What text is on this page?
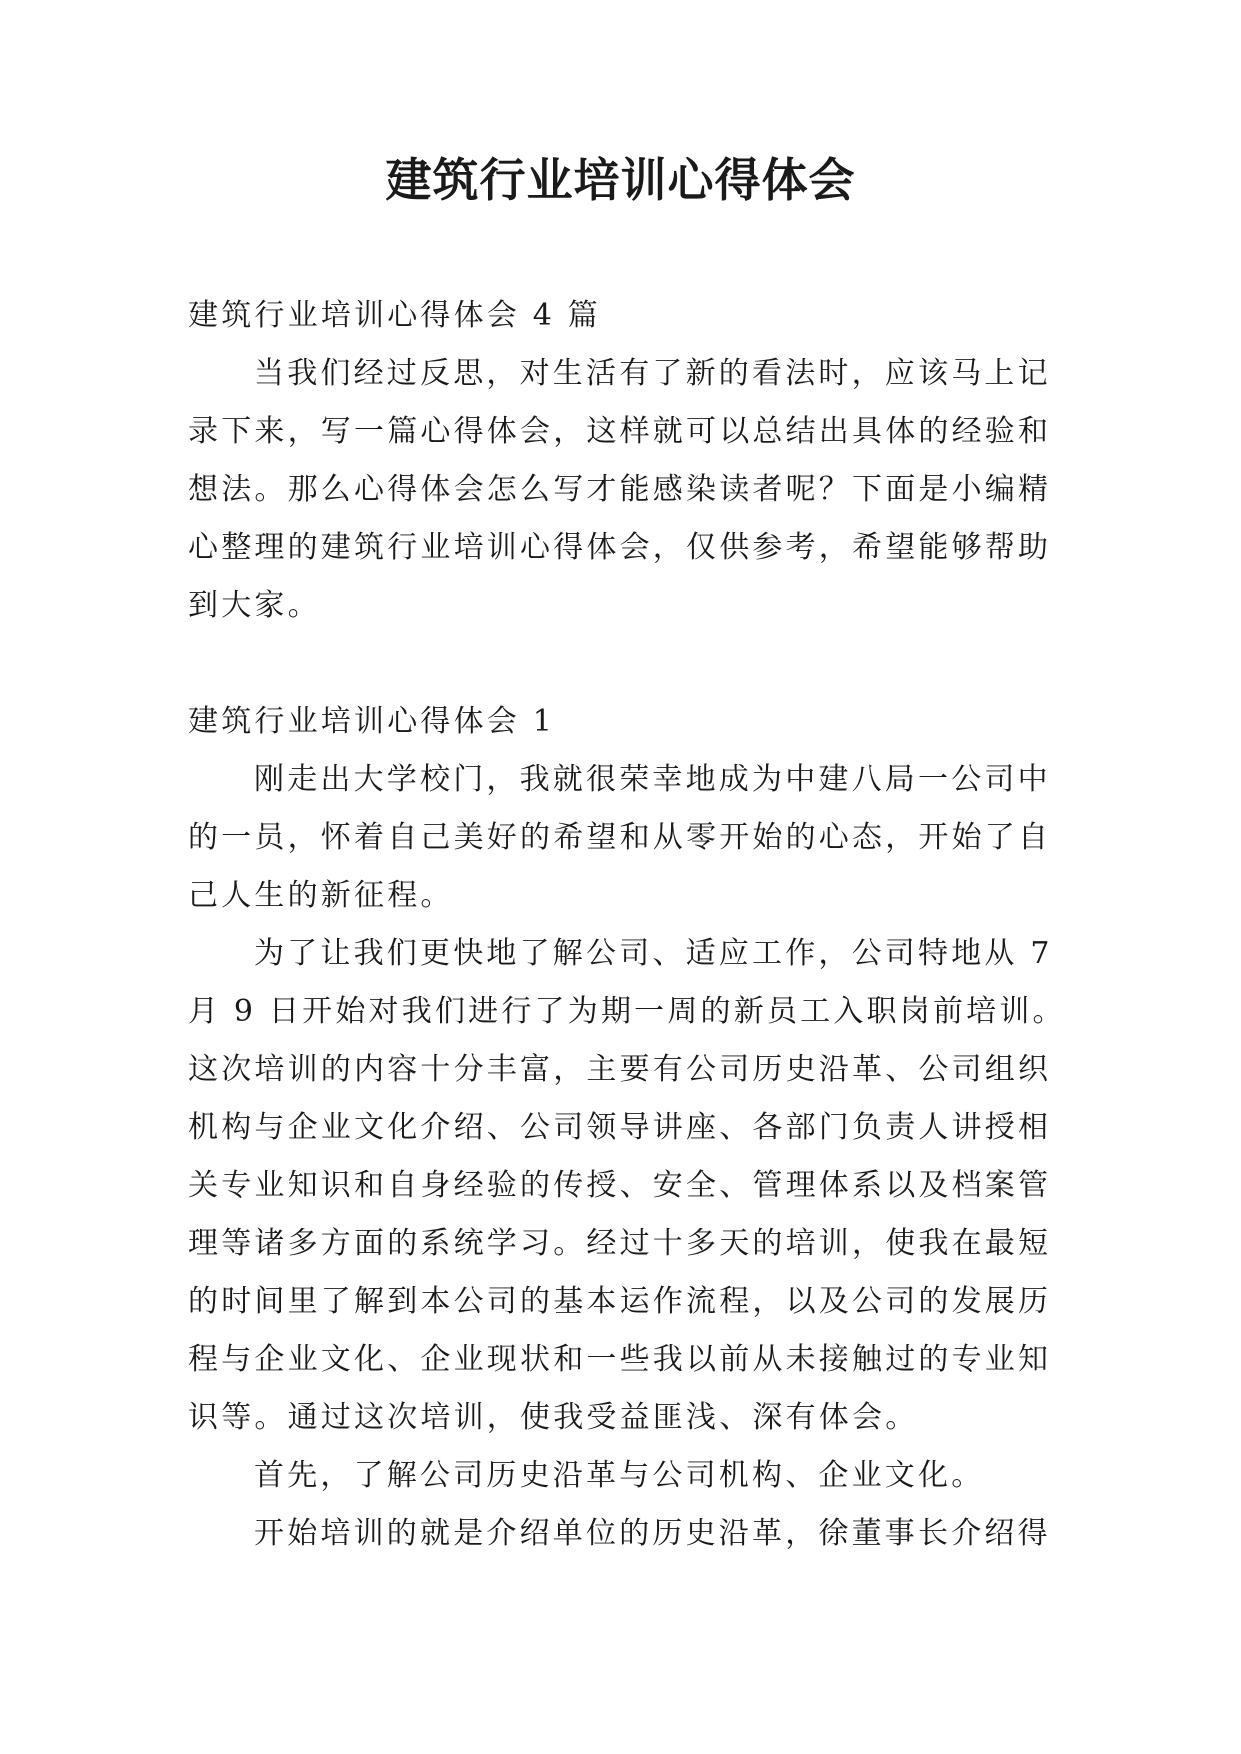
建筑行业培训心得体会
建筑行业培训心得体会 4 篇
当我们经过反思，对生活有了新的看法时，应该马上记
录下来，写一篇心得体会，这样就可以总结出具体的经验和
想法。那么心得体会怎么写才能感染读者呢？下面是小编精
心整理的建筑行业培训心得体会，仅供参考，希望能够帮助
到大家。
建筑行业培训心得体会 1
刚走出大学校门，我就很荣幸地成为中建八局一公司中
的一员，怀着自己美好的希望和从零开始的心态，开始了自
己人生的新征程。
为了让我们更快地了解公司、适应工作，公司特地从 7
月 9 日开始对我们进行了为期一周的新员工入职岗前培训。
这次培训的内容十分丰富，主要有公司历史沿革、公司组织
机构与企业文化介绍、公司领导讲座、各部门负责人讲授相
关专业知识和自身经验的传授、安全、管理体系以及档案管
理等诸多方面的系统学习。经过十多天的培训，使我在最短
的时间里了解到本公司的基本运作流程，以及公司的发展历
程与企业文化、企业现状和一些我以前从未接触过的专业知
识等。通过这次培训，使我受益匪浅、深有体会。
首先，了解公司历史沿革与公司机构、企业文化。
开始培训的就是介绍单位的历史沿革，徐董事长介绍得
